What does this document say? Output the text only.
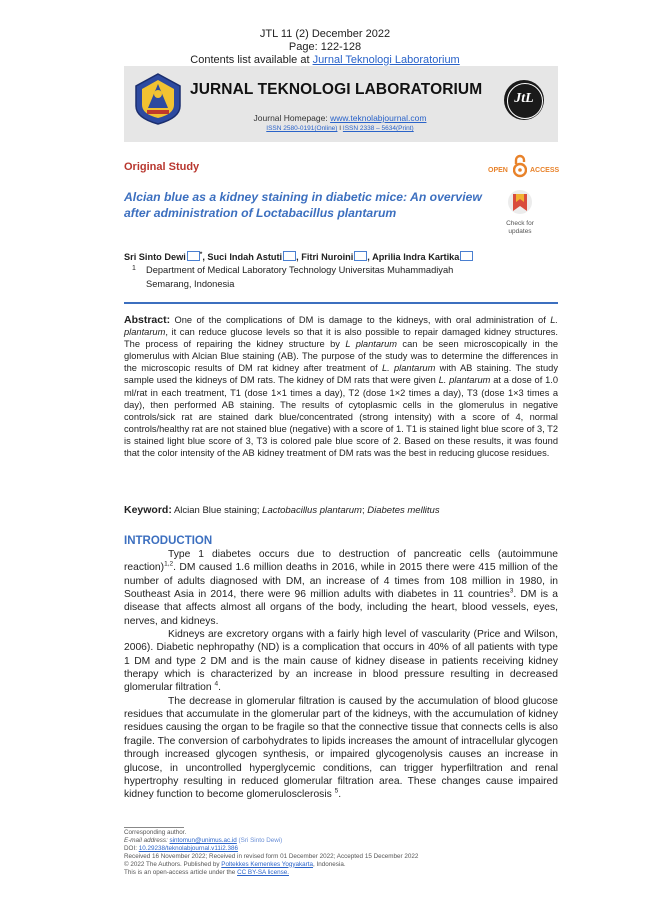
JTL 11 (2) December 2022
Page: 122-128
Contents list available at Jurnal Teknologi Laboratorium
JURNAL TEKNOLOGI LABORATORIUM
Journal Homepage: www.teknolabjournal.com
ISSN 2580-0191(Online) I ISSN 2338 – 5634(Print)
JtL
Original Study	OPEN	ACCESS
Alcian blue as a kidney staining in diabetic mice: An overview after administration of Loctabacillus plantarum
Check for
updates
Sri Sinto Dewi *, Suci Indah Astuti , Fitri Nuroini , Aprilia Indra Kartika
1	Department of Medical Laboratory Technology Universitas Muhammadiyah
Semarang, Indonesia
Abstract: One of the complications of DM is damage to the kidneys, with oral administration of L. plantarum, it can reduce glucose levels so that it is also possible to repair damaged kidney structures. The process of repairing the kidney structure by L plantarum can be seen microscopically in the glomerulus with Alcian Blue staining (AB). The purpose of the study was to determine the differences in the microscopic results of DM rat kidney after treatment of L. plantarum with AB staining. The study sample used the kidneys of DM rats. The kidney of DM rats that were given L. plantarum at a dose of 1.0 ml/rat in each treatment, T1 (dose 1×1 times a day), T2 (dose 1×2 times a day), T3 (dose 1×3 times a day), then performed AB staining. The results of cytoplasmic cells in the glomerulus in negative controls/sick rat are stained dark blue/concentrated (strong intensity) with a score of 4, normal controls/healthy rat are not stained blue (negative) with a score of 1. T1 is stained light blue score of 3, T2 is stained light blue score of 3, T3 is colored pale blue score of 2. Based on these results, it was found that the color intensity of the AB kidney treatment of DM rats was the best in reducing glucose residues.
Keyword: Alcian Blue staining; Lactobacillus plantarum; Diabetes mellitus
INTRODUCTION

Type 1 diabetes occurs due to destruction of pancreatic cells (autoimmune reaction)$^{1,2}$. DM caused 1.6 million deaths in 2016, while in 2015 there were 415 million of the number of adults diagnosed with DM, an increase of 4 times from 108 million in 1980, in Southeast Asia in 2014, there were 96 million adults with diabetes in 11 countries$^3$. DM is a disease that affects almost all organs of the body, including the heart, blood vessels, eyes, nerves, and kidneys.

Kidneys are excretory organs with a fairly high level of vascularity (Price and Wilson, 2006). Diabetic nephropathy (ND) is a complication that occurs in 40% of all patients with type 1 DM and type 2 DM and is the main cause of kidney disease in patients receiving kidney therapy which is characterized by an increase in blood pressure resulting in decreased glomerular filtration $^4$.

The decrease in glomerular filtration is caused by the accumulation of blood glucose residues that accumulate in the glomerular part of the kidneys, with the accumulation of kidney residues causing the organ to be fragile so that the connective tissue that connects cells is also fragile. The conversion of carbohydrates to lipids increases the amount of intracellular glycogen through increased glycogen synthesis, or impaired glycogenolysis causes an increase in glucose, in uncontrolled hyperglycemic conditions, can trigger hyperfiltration and renal hypertrophy resulting in reduced glomerular filtration area. These changes cause impaired kidney function to become glomerulosclerosis $^5$.

Corresponding author.
E-mail address: sintomun@unimus.ac.id (Sri Sinto Dewi)
DOI: 10.29238/teknolabjournal.v11i2.386
Received 16 November 2022; Received in revised form 01 December 2022; Accepted 15 December 2022
© 2022 The Authors. Published by Poltekkes Kemenkes Yogyakarta, Indonesia.
This is an open-access article under the CC BY-SA license.
